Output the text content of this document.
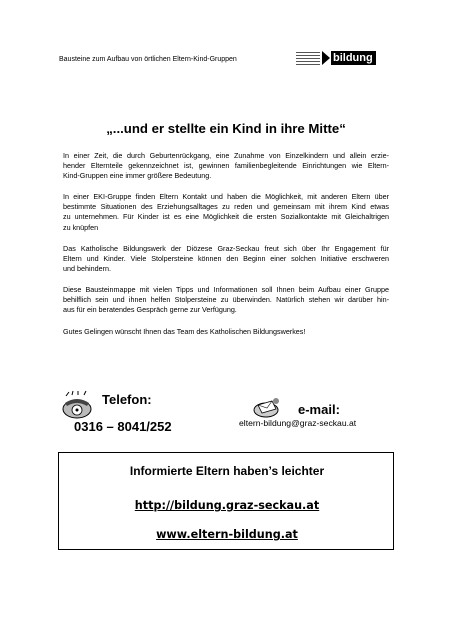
Bausteine zum Aufbau von örtlichen Eltern-Kind-Gruppen	bildung
„...und er stellte ein Kind in ihre Mitte“
In einer Zeit, die durch Geburtenrückgang, eine Zunahme von Einzelkindern und allein erzie-
hender Elternteile gekennzeichnet ist, gewinnen familienbegleitende Einrichtungen wie Eltern-
Kind-Gruppen eine immer größere Bedeutung.
In einer EKI-Gruppe finden Eltern Kontakt und haben die Möglichkeit, mit anderen Eltern über
bestimmte Situationen des Erziehungsalltages zu reden und gemeinsam mit ihrem Kind etwas
zu unternehmen. Für Kinder ist es eine Möglichkeit die ersten Sozialkontakte mit Gleichaltrigen
zu knüpfen
Das Katholische Bildungswerk der Diözese Graz-Seckau freut sich über Ihr Engagement für
Eltern und Kinder. Viele Stolpersteine können den Beginn einer solchen Initiative erschweren
und behindern.
Diese Bausteinmappe mit vielen Tipps und Informationen soll Ihnen beim Aufbau einer Gruppe
behilflich sein und ihnen helfen Stolpersteine zu überwinden. Natürlich stehen wir darüber hin-
aus für ein beratendes Gespräch gerne zur Verfügung.
Gutes Gelingen wünscht Ihnen das Team des Katholischen Bildungswerkes!
Telefon:
0316 – 8041/252
e-mail:
eltern-bildung@graz-seckau.at
Informierte Eltern haben’s leichter
http://bildung.graz-seckau.at
www.eltern-bildung.at
